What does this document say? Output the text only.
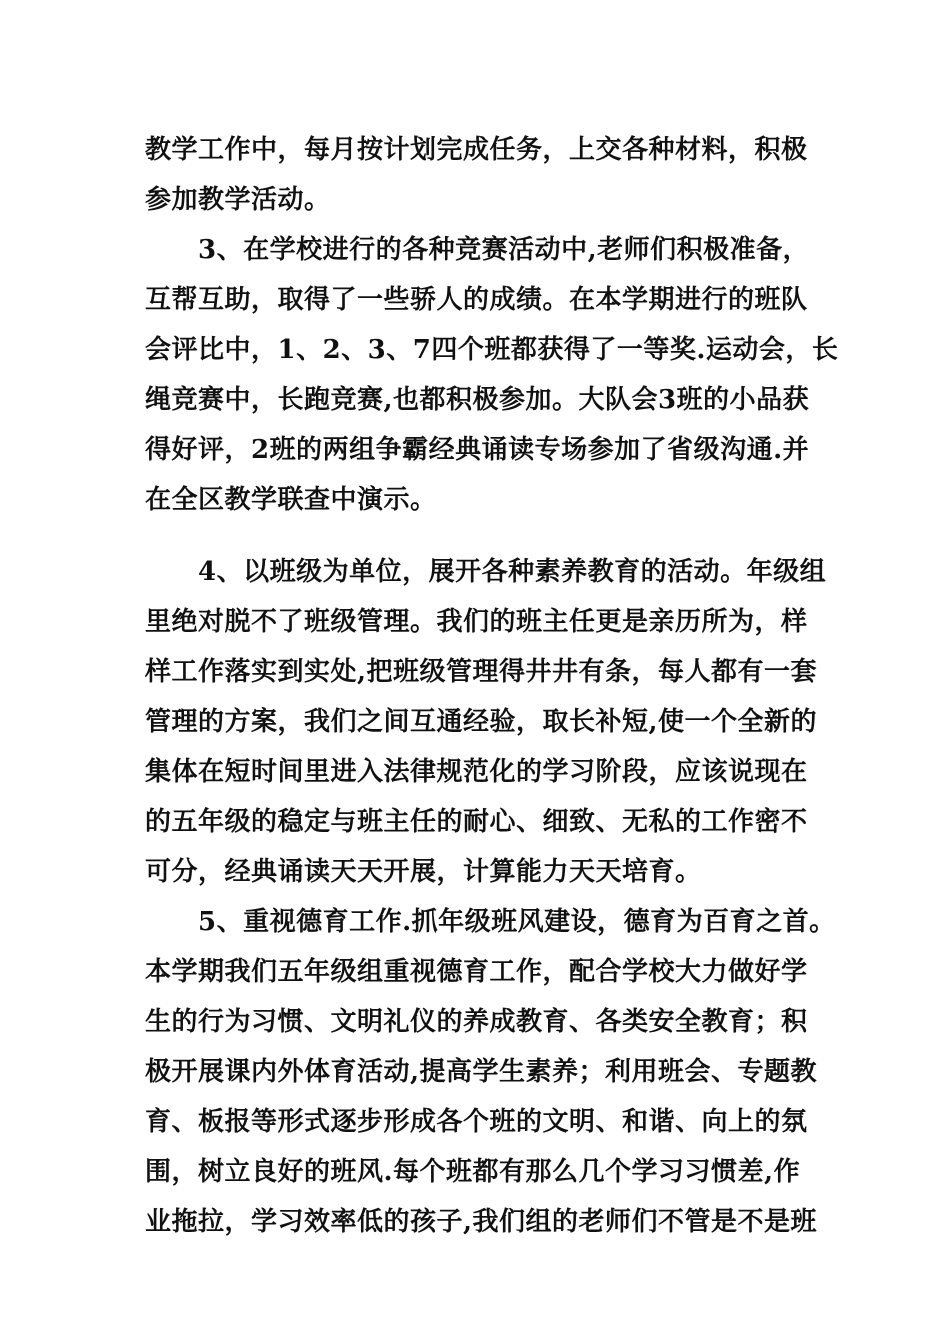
教学工作中，每月按计划完成任务，上交各种材料，积极
参加教学活动。
3、在学校进行的各种竞赛活动中,老师们积极准备，
互帮互助，取得了一些骄人的成绩。在本学期进行的班队
会评比中，1、2、3、7四个班都获得了一等奖.运动会，长
绳竞赛中，长跑竞赛,也都积极参加。大队会3班的小品获
得好评，2班的两组争霸经典诵读专场参加了省级沟通.并
在全区教学联查中演示。
4、以班级为单位，展开各种素养教育的活动。年级组
里绝对脱不了班级管理。我们的班主任更是亲历所为，样
样工作落实到实处,把班级管理得井井有条，每人都有一套
管理的方案，我们之间互通经验，取长补短,使一个全新的
集体在短时间里进入法律规范化的学习阶段，应该说现在
的五年级的稳定与班主任的耐心、细致、无私的工作密不
可分，经典诵读天天开展，计算能力天天培育。
5、重视德育工作.抓年级班风建设，德育为百育之首。
本学期我们五年级组重视德育工作，配合学校大力做好学
生的行为习惯、文明礼仪的养成教育、各类安全教育；积
极开展课内外体育活动,提高学生素养；利用班会、专题教
育、板报等形式逐步形成各个班的文明、和谐、向上的氛
围，树立良好的班风.每个班都有那么几个学习习惯差,作
业拖拉，学习效率低的孩子,我们组的老师们不管是不是班
